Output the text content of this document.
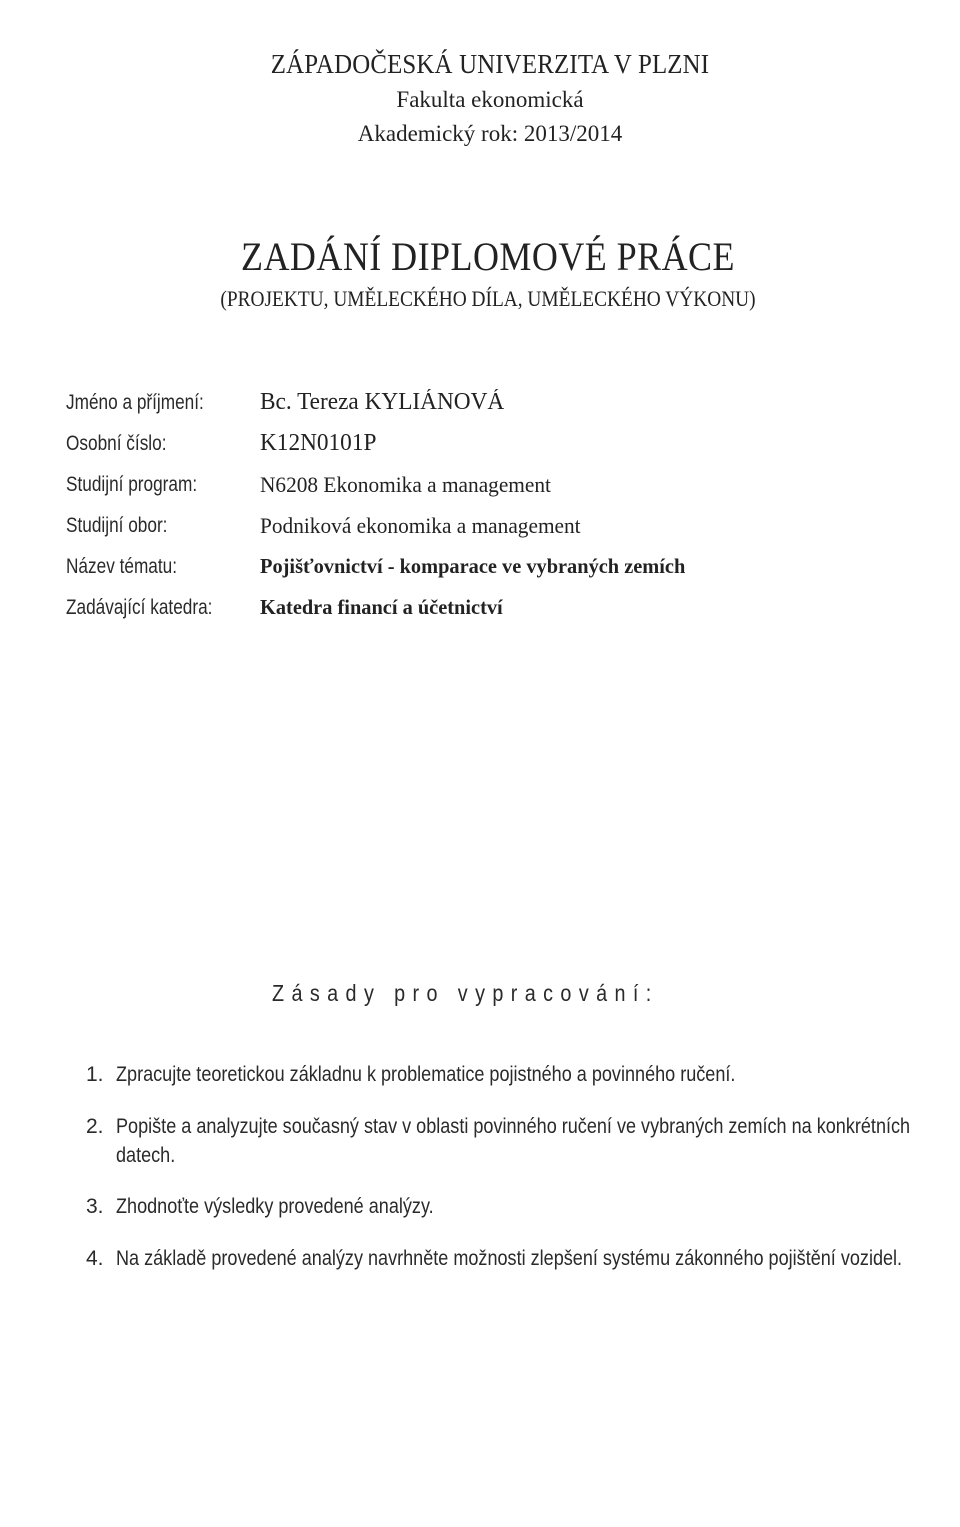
ZÁPADOČESKÁ UNIVERZITA V PLZNI
Fakulta ekonomická
Akademický rok: 2013/2014
ZADÁNÍ DIPLOMOVÉ PRÁCE
(PROJEKTU, UMĚLECKÉHO DÍLA, UMĚLECKÉHO VÝKONU)
Jméno a příjmení: Bc. Tereza KYLIÁNOVÁ
Osobní číslo:	K12N0101P
Studijní program:	N6208 Ekonomika a management
Studijní obor:	Podniková ekonomika a management
Název tématu:	Pojišťovnictví - komparace ve vybraných zemích
Zadávající katedra: Katedra financí a účetnictví
Zásady pro vypracování:
1. Zpracujte teoretickou základnu k problematice pojistného a povinného ručení.
2. Popište a analyzujte současný stav v oblasti povinného ručení ve vybraných zemích na konkrétních datech.
3. Zhodnoťte výsledky provedené analýzy.
4. Na základě provedené analýzy navrhněte možnosti zlepšení systému zákonného pojištění vozidel.
